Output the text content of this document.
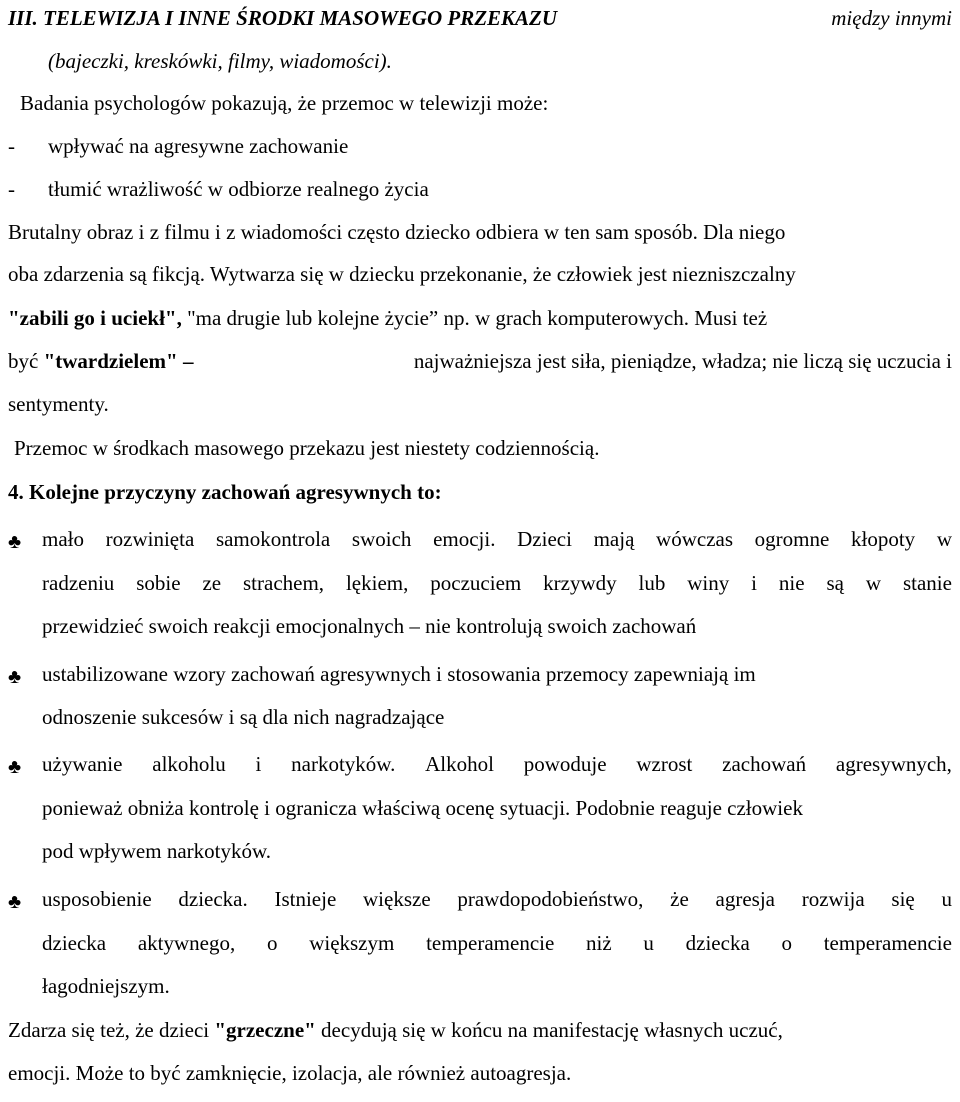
III. TELEWIZJA I INNE ŚRODKI MASOWEGO PRZEKAZU	między innymi
(bajeczki, kreskówki, filmy, wiadomości).
Badania psychologów pokazują, że przemoc w telewizji może:
- wpływać na agresywne zachowanie
- tłumić wrażliwość w odbiorze realnego życia
Brutalny obraz i z filmu i z wiadomości często dziecko odbiera w ten sam sposób. Dla niego
oba zdarzenia są fikcją. Wytwarza się w dziecku przekonanie, że człowiek jest niezniszczalny
"zabili go i uciekł", "ma drugie lub kolejne życie” np. w grach komputerowych. Musi też
być "twardzielem" –	najważniejsza jest siła, pieniądze, władza; nie liczą się uczucia i
sentymenty.
Przemoc w środkach masowego przekazu jest niestety codziennością.
4. Kolejne przyczyny zachowań agresywnych to:
♣ mało rozwinięta samokontrola swoich emocji. Dzieci mają wówczas ogromne kłopoty w
radzeniu sobie ze strachem, lękiem, poczuciem krzywdy lub winy i nie są w stanie
przewidzieć swoich reakcji emocjonalnych – nie kontrolują swoich zachowań
♣ ustabilizowane wzory zachowań agresywnych i stosowania przemocy zapewniają im
odnoszenie sukcesów i są dla nich nagradzające
♣ używanie alkoholu i narkotyków. Alkohol powoduje wzrost zachowań agresywnych,
ponieważ obniża kontrolę i ogranicza właściwą ocenę sytuacji. Podobnie reaguje człowiek
pod wpływem narkotyków.
♣ usposobienie dziecka. Istnieje większe prawdopodobieństwo, że agresja rozwija się u
dziecka aktywnego, o większym temperamencie niż u dziecka o temperamencie
łagodniejszym.
Zdarza się też, że dzieci "grzeczne" decydują się w końcu na manifestację własnych uczuć,
emocji. Może to być zamknięcie, izolacja, ale również autoagresja.
